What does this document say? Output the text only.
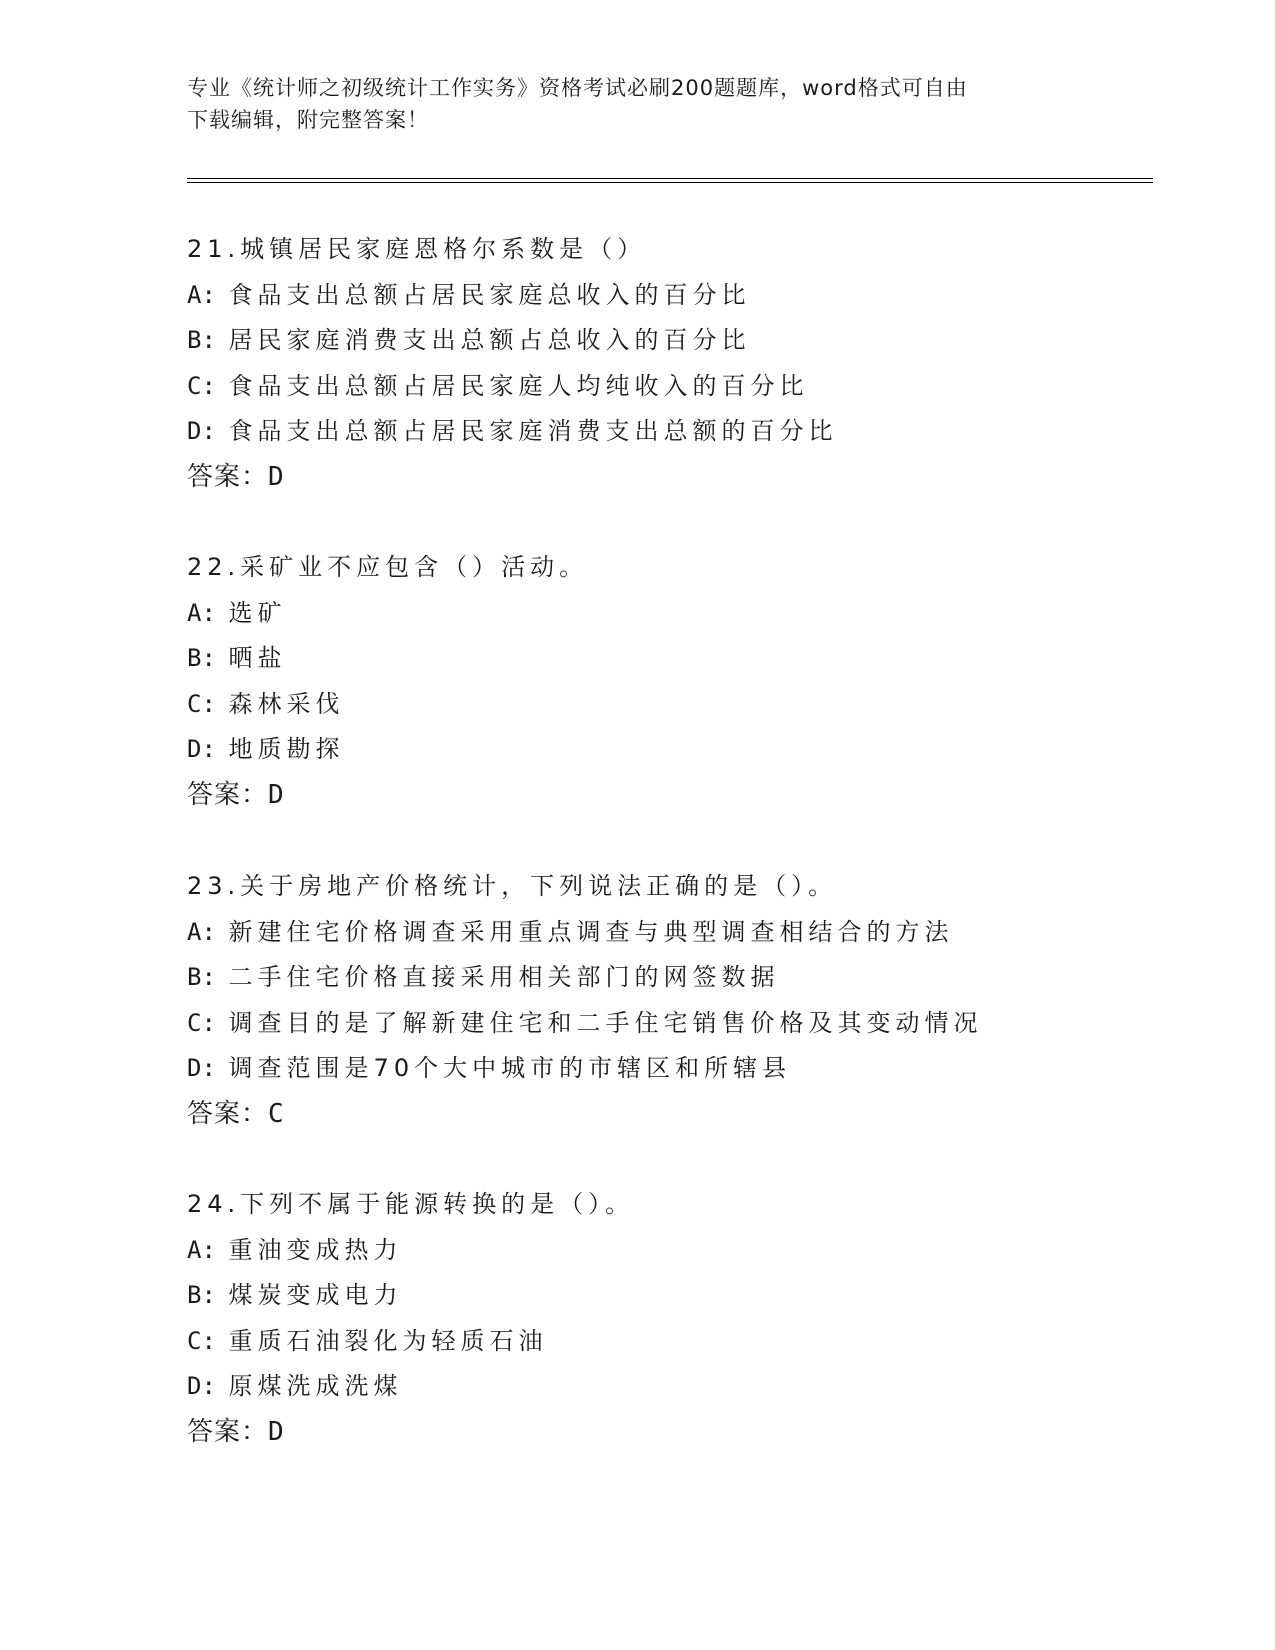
专业《统计师之初级统计工作实务》资格考试必刷200题题库，word格式可自由
下载编辑，附完整答案！
21.城镇居民家庭恩格尔系数是（）
A: 食品支出总额占居民家庭总收入的百分比
B: 居民家庭消费支出总额占总收入的百分比
C: 食品支出总额占居民家庭人均纯收入的百分比
D: 食品支出总额占居民家庭消费支出总额的百分比
答案：D
22.采矿业不应包含（）活动。
A: 选矿
B: 晒盐
C: 森林采伐
D: 地质勘探
答案：D
23.关于房地产价格统计，下列说法正确的是（）。
A: 新建住宅价格调查采用重点调查与典型调查相结合的方法
B: 二手住宅价格直接采用相关部门的网签数据
C: 调查目的是了解新建住宅和二手住宅销售价格及其变动情况
D: 调查范围是70个大中城市的市辖区和所辖县
答案：C
24.下列不属于能源转换的是（）。
A: 重油变成热力
B: 煤炭变成电力
C: 重质石油裂化为轻质石油
D: 原煤洗成洗煤
答案：D
